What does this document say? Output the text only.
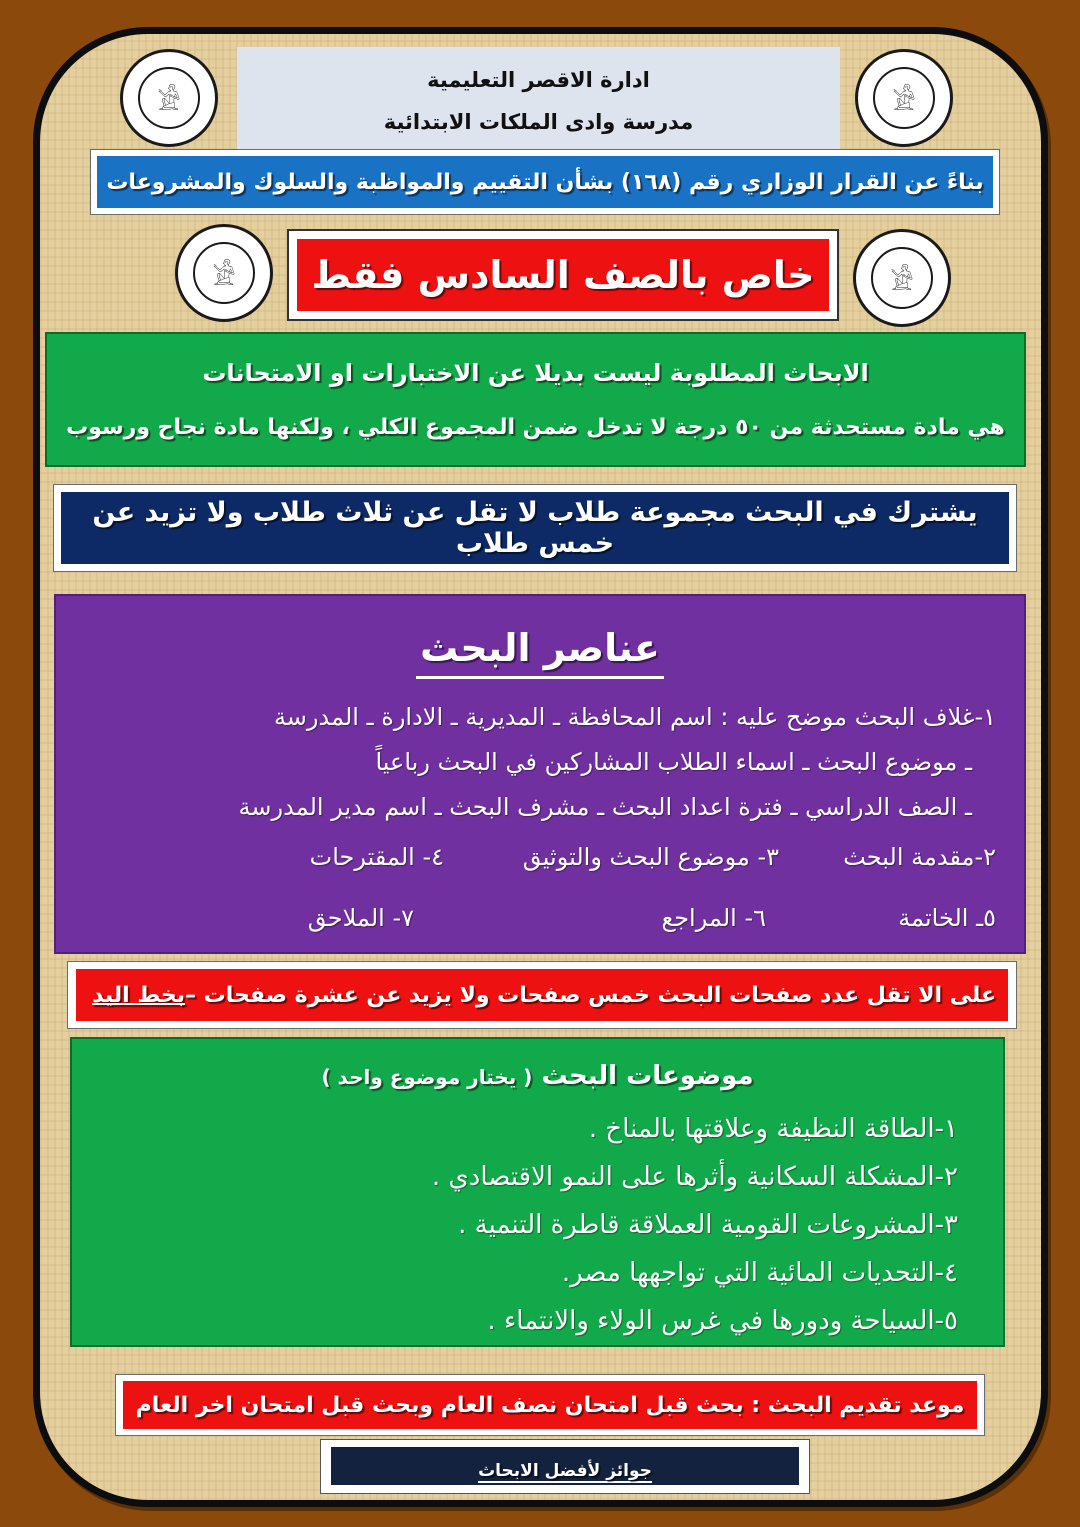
𓀀	𓀀
𓀀	𓀀
ادارة الاقصر التعليمية
مدرسة وادى الملكات الابتدائية
بناءً عن القرار الوزاري رقم (١٦٨) بشأن التقييم والمواظبة والسلوك والمشروعات
خاص بالصف السادس فقط
الابحاث المطلوبة ليست بديلا عن الاختبارات او الامتحانات
هي مادة مستحدثة من ٥٠ درجة لا تدخل ضمن المجموع الكلي ، ولكنها مادة نجاح ورسوب
يشترك في البحث مجموعة طلاب لا تقل عن ثلاث طلاب ولا تزيد عن خمس طلاب
عناصر البحث
١-غلاف البحث موضح عليه : اسم المحافظة ـ المديرية ـ الادارة ـ المدرسة
ـ موضوع البحث ـ اسماء الطلاب المشاركين في البحث رباعياً
ـ الصف الدراسي ـ فترة اعداد البحث ـ مشرف البحث ـ اسم مدير المدرسة
٢-مقدمة البحث
٣- موضوع البحث والتوثيق
٤- المقترحات
٥ـ الخاتمة
٦- المراجع
٧- الملاحق
على الا تقل عدد صفحات البحث خمس صفحات ولا يزيد عن عشرة صفحات –
بخط اليد
موضوعات البحث ( يختار موضوع واحد )
١-الطاقة النظيفة وعلاقتها بالمناخ .
٢-المشكلة السكانية وأثرها على النمو الاقتصادي .
٣-المشروعات القومية العملاقة قاطرة التنمية .
٤-التحديات المائية التي تواجهها مصر.
٥-السياحة ودورها في غرس الولاء والانتماء .
موعد تقديم البحث : بحث قبل امتحان نصف العام وبحث قبل امتحان اخر العام
جوائز لأفضل الابحاث
